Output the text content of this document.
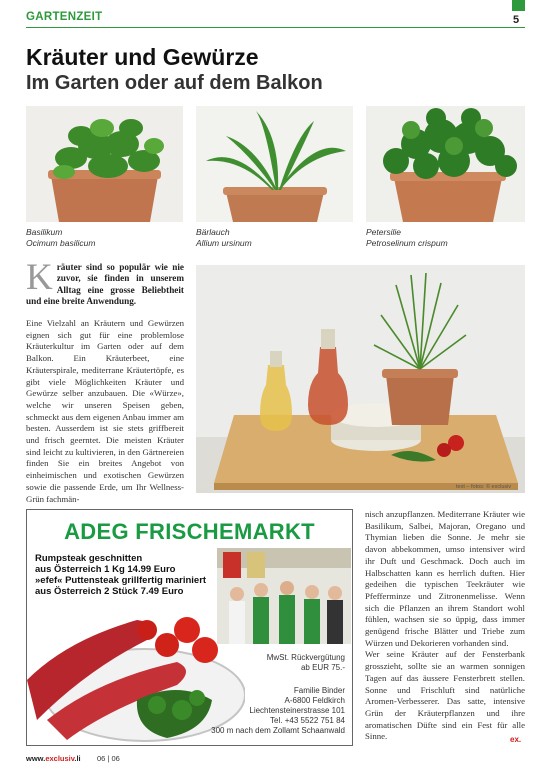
GARTENZEIT	5
Kräuter und Gewürze
Im Garten oder auf dem Balkon
Basilikum
Ocimum basilicum
Bärlauch
Allium ursinum
Petersilie
Petroselinum crispum
Kräuter sind so populär wie nie zuvor, sie finden in unserem Alltag eine grosse Beliebtheit und eine breite Anwendung.

Eine Vielzahl an Kräutern und Gewürzen eignen sich gut für eine problemlose Kräuterkultur im Garten oder auf dem Balkon. Ein Kräuterbeet, eine Kräuterspirale, mediterrane Kräutertöpfe, es gibt viele Möglichkeiten Kräuter und Gewürze selber anzubauen. Die «Würze», welche wir unseren Speisen geben, schmeckt aus dem eigenen Anbau immer am besten. Ausserdem ist sie stets griffbereit und frisch geerntet. Die meisten Kräuter sind leicht zu kultivieren, in den Gärtnereien finden Sie ein breites Angebot von einheimischen und exotischen Gewürzen sowie die passende Erde, um Ihr Wellness-Grün fachmän-

text – fotos: © exclusiv
ADEG FRISCHEMARKT
Rumpsteak geschnitten
aus Österreich 1 Kg 14.99 Euro
»efef« Puttensteak grillfertig mariniert
aus Österreich 2 Stück 7.49 Euro
MwSt. Rückvergütung
ab EUR 75.-
Familie Binder
A-6800 Feldkirch
Liechtensteinerstrasse 101
Tel. +43 5522 751 84
300 m nach dem Zollamt Schaanwald

nisch anzupflanzen. Mediterrane Kräuter wie Basilikum, Salbei, Majoran, Oregano und Thymian lieben die Sonne. Je mehr sie davon abbekommen, umso intensiver wird ihr Duft und Geschmack. Doch auch im Halbschatten kann es herrlich duften. Hier gedeihen die typischen Teekräuter wie Pfefferminze und Zitronenmelisse. Wenn sich die Pflanzen an ihrem Standort wohl fühlen, wachsen sie so üppig, dass immer genügend frische Blätter und Triebe zum Würzen und Dekorieren vorhanden sind.

Wer seine Kräuter auf der Fensterbank grosszieht, sollte sie an warmen sonnigen Tagen auf das äussere Fensterbrett stellen. Sonne und Frischluft sind natürliche Aromen-Verbesserer. Das satte, intensive Grün der Kräuterpflanzen und ihre aromatischen Düfte sind ein Fest für alle Sinne.	ex.
www.exclusiv.li 06 | 06
